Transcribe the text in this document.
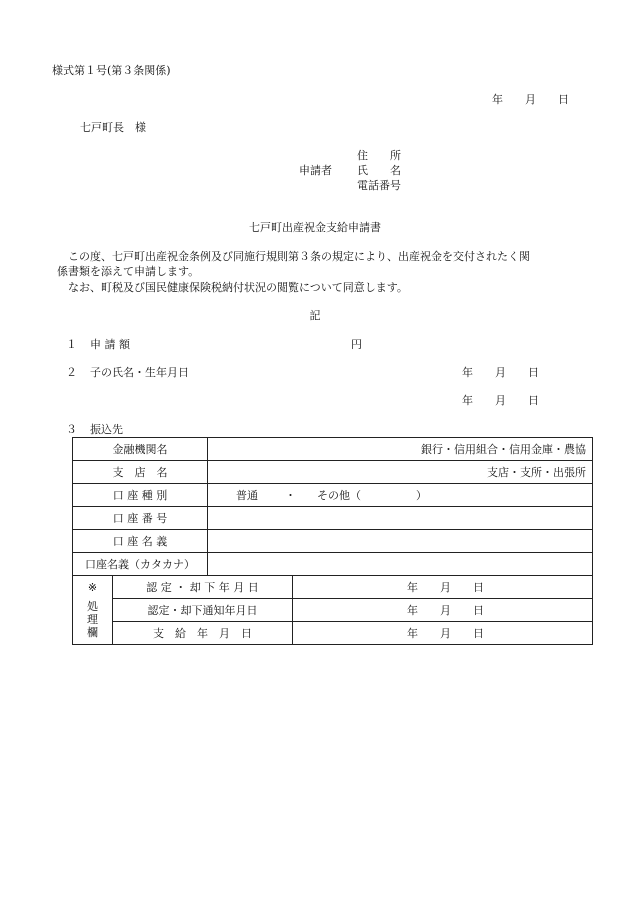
様式第１号(第３条関係)
年 月 日
七戸町長　様
住　　所
申請者 氏　　名
電話番号
七戸町出産祝金支給申請書
この度、七戸町出産祝金条例及び同施行規則第３条の規定により、出産祝金を交付されたく関
係書類を添えて申請します。
なお、町税及び国民健康保険税納付状況の閲覧について同意します。
記
１ 申 請 額	円
２ 子の氏名・生年月日	年 月 日
年 月 日
３ 振込先
金融機関名		銀行・信用組合・信用金庫・農協	
支　店　名		支店・支所・出張所	
口 座 種 別		普通 ・ その他（ ）	
口 座 番 号			
口 座 名 義			
口座名義（カタカナ）			

※
処
理
欄	認 定 ・ 却 下 年 月 日		年 月 日
	認定・却下通知年月日		年 月 日
	支　給　年　月　日		年 月 日
